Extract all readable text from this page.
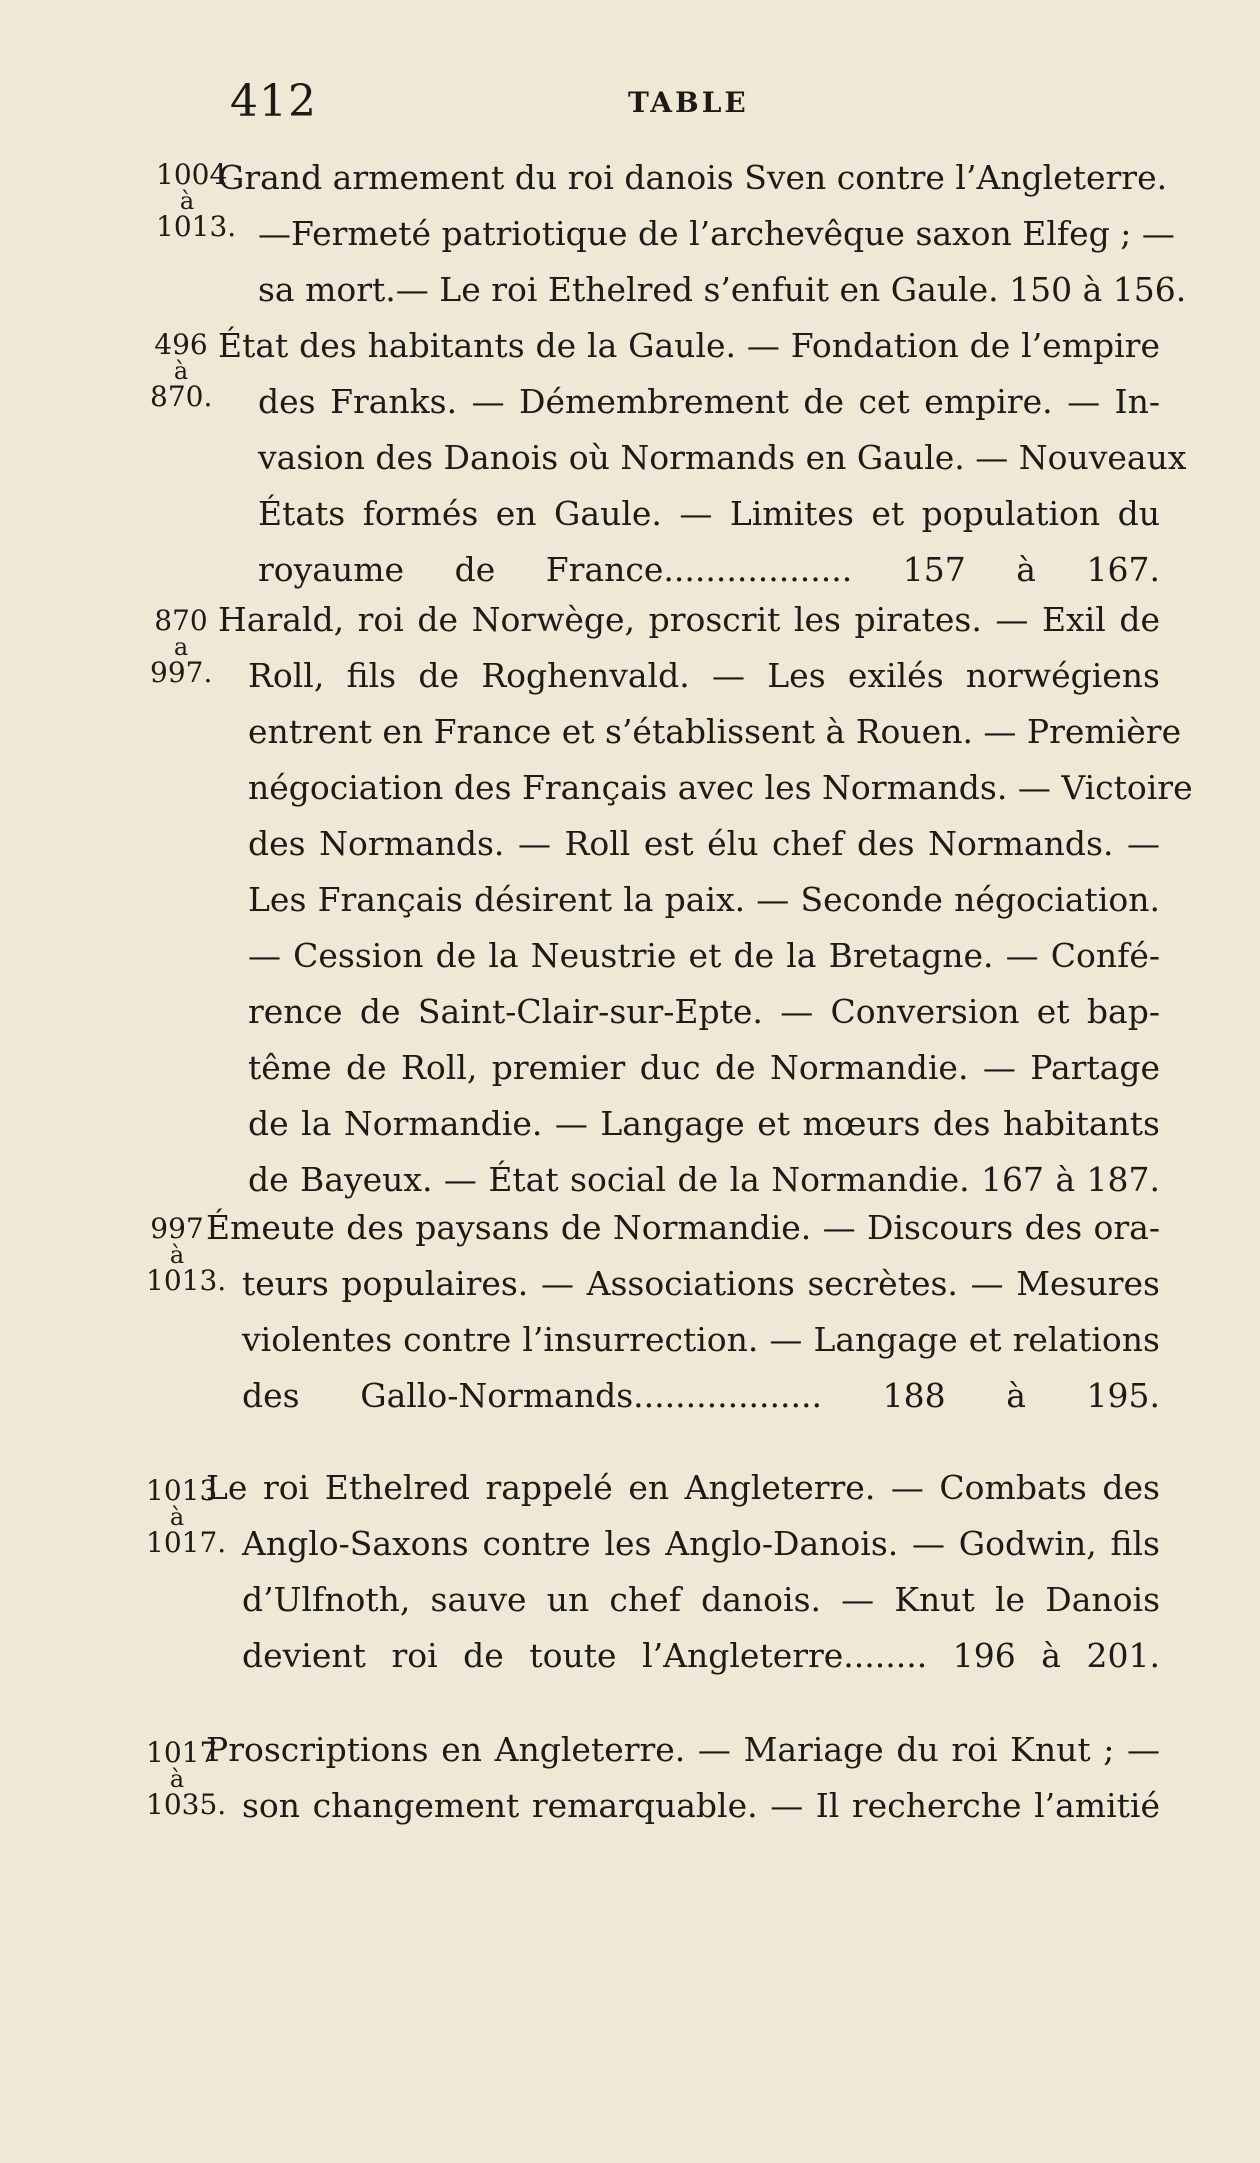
412	TABLE
1004
à
1013.
Grand armement du roi danois Sven contre l’Angleterre.
—Fermeté patriotique de l’archevêque saxon Elfeg ; —
sa mort.— Le roi Ethelred s’enfuit en Gaule. 150 à 156.
496
à
870.
État des habitants de la Gaule. — Fondation de l’empire
des Franks. — Démembrement de cet empire. — In-
vasion des Danois où Normands en Gaule. — Nouveaux
États formés en Gaule. — Limites et population du
royaume de France.................. 157 à 167.
870
a
997.
Harald, roi de Norwège, proscrit les pirates. — Exil de
Roll, fils de Roghenvald. — Les exilés norwégiens
entrent en France et s’établissent à Rouen. — Première
négociation des Français avec les Normands. — Victoire
des Normands. — Roll est élu chef des Normands. —
Les Français désirent la paix. — Seconde négociation.
— Cession de la Neustrie et de la Bretagne. — Confé-
rence de Saint-Clair-sur-Epte. — Conversion et bap-
tême de Roll, premier duc de Normandie. — Partage
de la Normandie. — Langage et mœurs des habitants
de Bayeux. — État social de la Normandie. 167 à 187.
997
à
1013.
Émeute des paysans de Normandie. — Discours des ora-
teurs populaires. — Associations secrètes. — Mesures
violentes contre l’insurrection. — Langage et relations
des Gallo-Normands.................. 188 à 195.
1013
à
1017.
Le roi Ethelred rappelé en Angleterre. — Combats des
Anglo-Saxons contre les Anglo-Danois. — Godwin, fils
d’Ulfnoth, sauve un chef danois. — Knut le Danois
devient roi de toute l’Angleterre........ 196 à 201.
1017
à
1035.
Proscriptions en Angleterre. — Mariage du roi Knut ; —
son changement remarquable. — Il recherche l’amitié
